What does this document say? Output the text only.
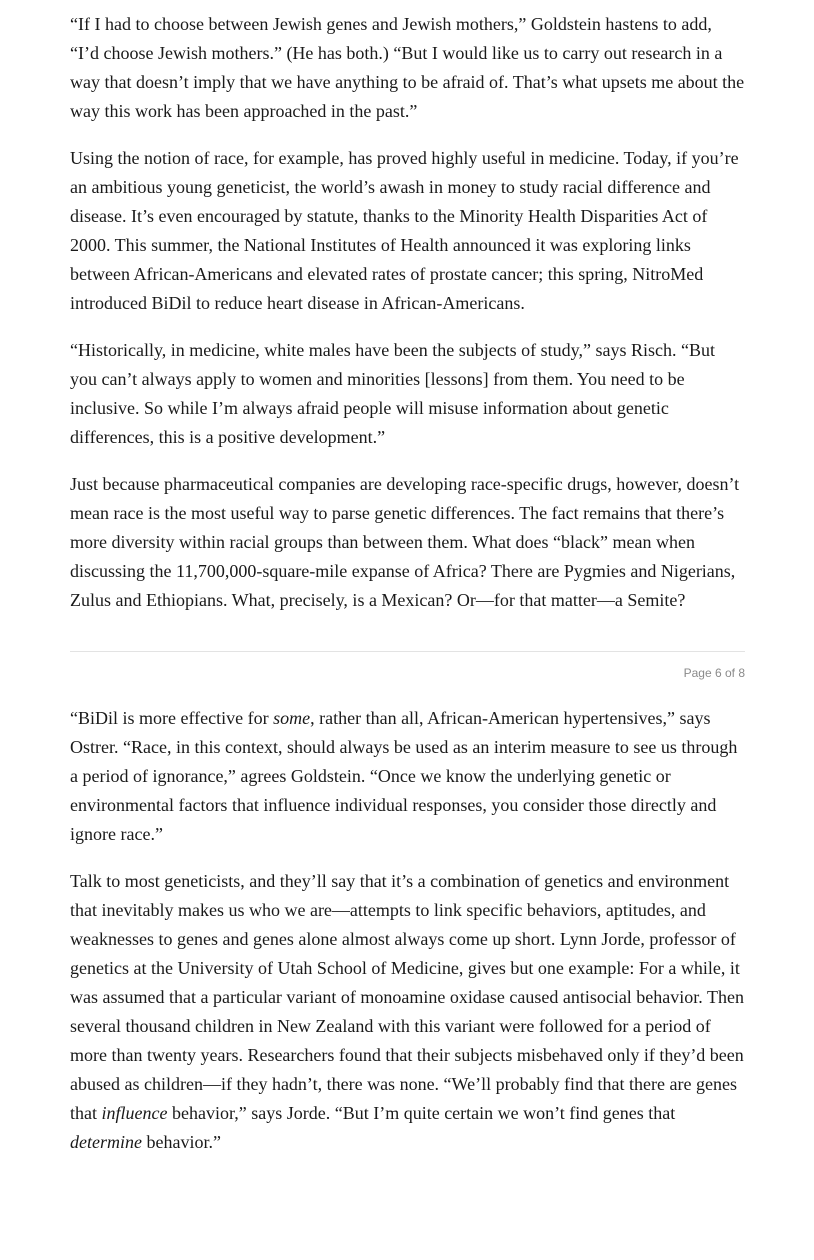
“If I had to choose between Jewish genes and Jewish mothers,” Goldstein hastens to add, “I’d choose Jewish mothers.” (He has both.) “But I would like us to carry out research in a way that doesn’t imply that we have anything to be afraid of. That’s what upsets me about the way this work has been approached in the past.”

Using the notion of race, for example, has proved highly useful in medicine. Today, if you’re an ambitious young geneticist, the world’s awash in money to study racial difference and disease. It’s even encouraged by statute, thanks to the Minority Health Disparities Act of 2000. This summer, the National Institutes of Health announced it was exploring links between African-Americans and elevated rates of prostate cancer; this spring, NitroMed introduced BiDil to reduce heart disease in African-Americans.

“Historically, in medicine, white males have been the subjects of study,” says Risch. “But you can’t always apply to women and minorities [lessons] from them. You need to be inclusive. So while I’m always afraid people will misuse information about genetic differences, this is a positive development.”

Just because pharmaceutical companies are developing race-specific drugs, however, doesn’t mean race is the most useful way to parse genetic differences. The fact remains that there’s more diversity within racial groups than between them. What does “black” mean when discussing the 11,700,000-square-mile expanse of Africa? There are Pygmies and Nigerians, Zulus and Ethiopians. What, precisely, is a Mexican? Or—for that matter—a Semite?

Page 6 of 8

“BiDil is more effective for some, rather than all, African-American hypertensives,” says Ostrer. “Race, in this context, should always be used as an interim measure to see us through a period of ignorance,” agrees Goldstein. “Once we know the underlying genetic or environmental factors that influence individual responses, you consider those directly and ignore race.”

Talk to most geneticists, and they’ll say that it’s a combination of genetics and environment that inevitably makes us who we are—attempts to link specific behaviors, aptitudes, and weaknesses to genes and genes alone almost always come up short. Lynn Jorde, professor of genetics at the University of Utah School of Medicine, gives but one example: For a while, it was assumed that a particular variant of monoamine oxidase caused antisocial behavior. Then several thousand children in New Zealand with this variant were followed for a period of more than twenty years. Researchers found that their subjects misbehaved only if they’d been abused as children—if they hadn’t, there was none. “We’ll probably find that there are genes that influence behavior,” says Jorde. “But I’m quite certain we won’t find genes that determine behavior.”
